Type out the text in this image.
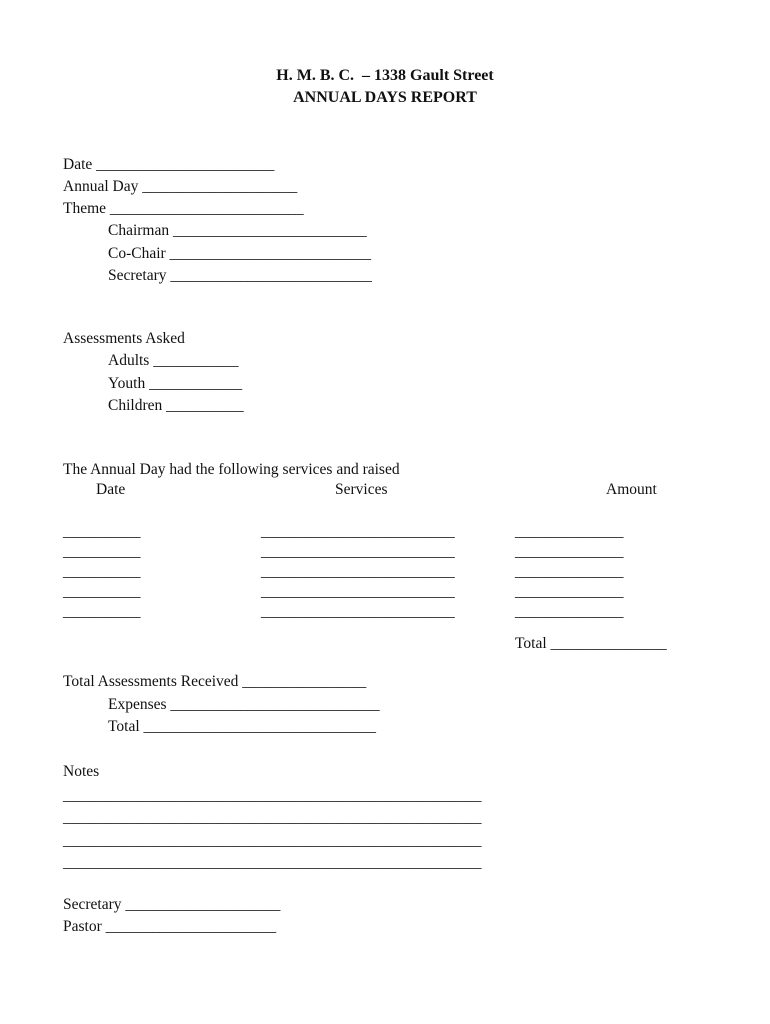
H. M. B. C.  – 1338 Gault Street
ANNUAL DAYS REPORT
Date _______________________
Annual Day ____________________
Theme _________________________
Chairman _________________________
Co-Chair __________________________
Secretary __________________________
Assessments Asked
Adults ___________
Youth ____________
Children __________
The Annual Day had the following services and raised
Date	Services	Amount
__________	_________________________	______________
__________	_________________________	______________
__________	_________________________	______________
__________	_________________________	______________
__________	_________________________	______________
Total _______________
Total Assessments Received ________________
Expenses ___________________________
Total ______________________________
Notes
______________________________________________________
______________________________________________________
______________________________________________________
______________________________________________________
Secretary ____________________
Pastor ______________________
